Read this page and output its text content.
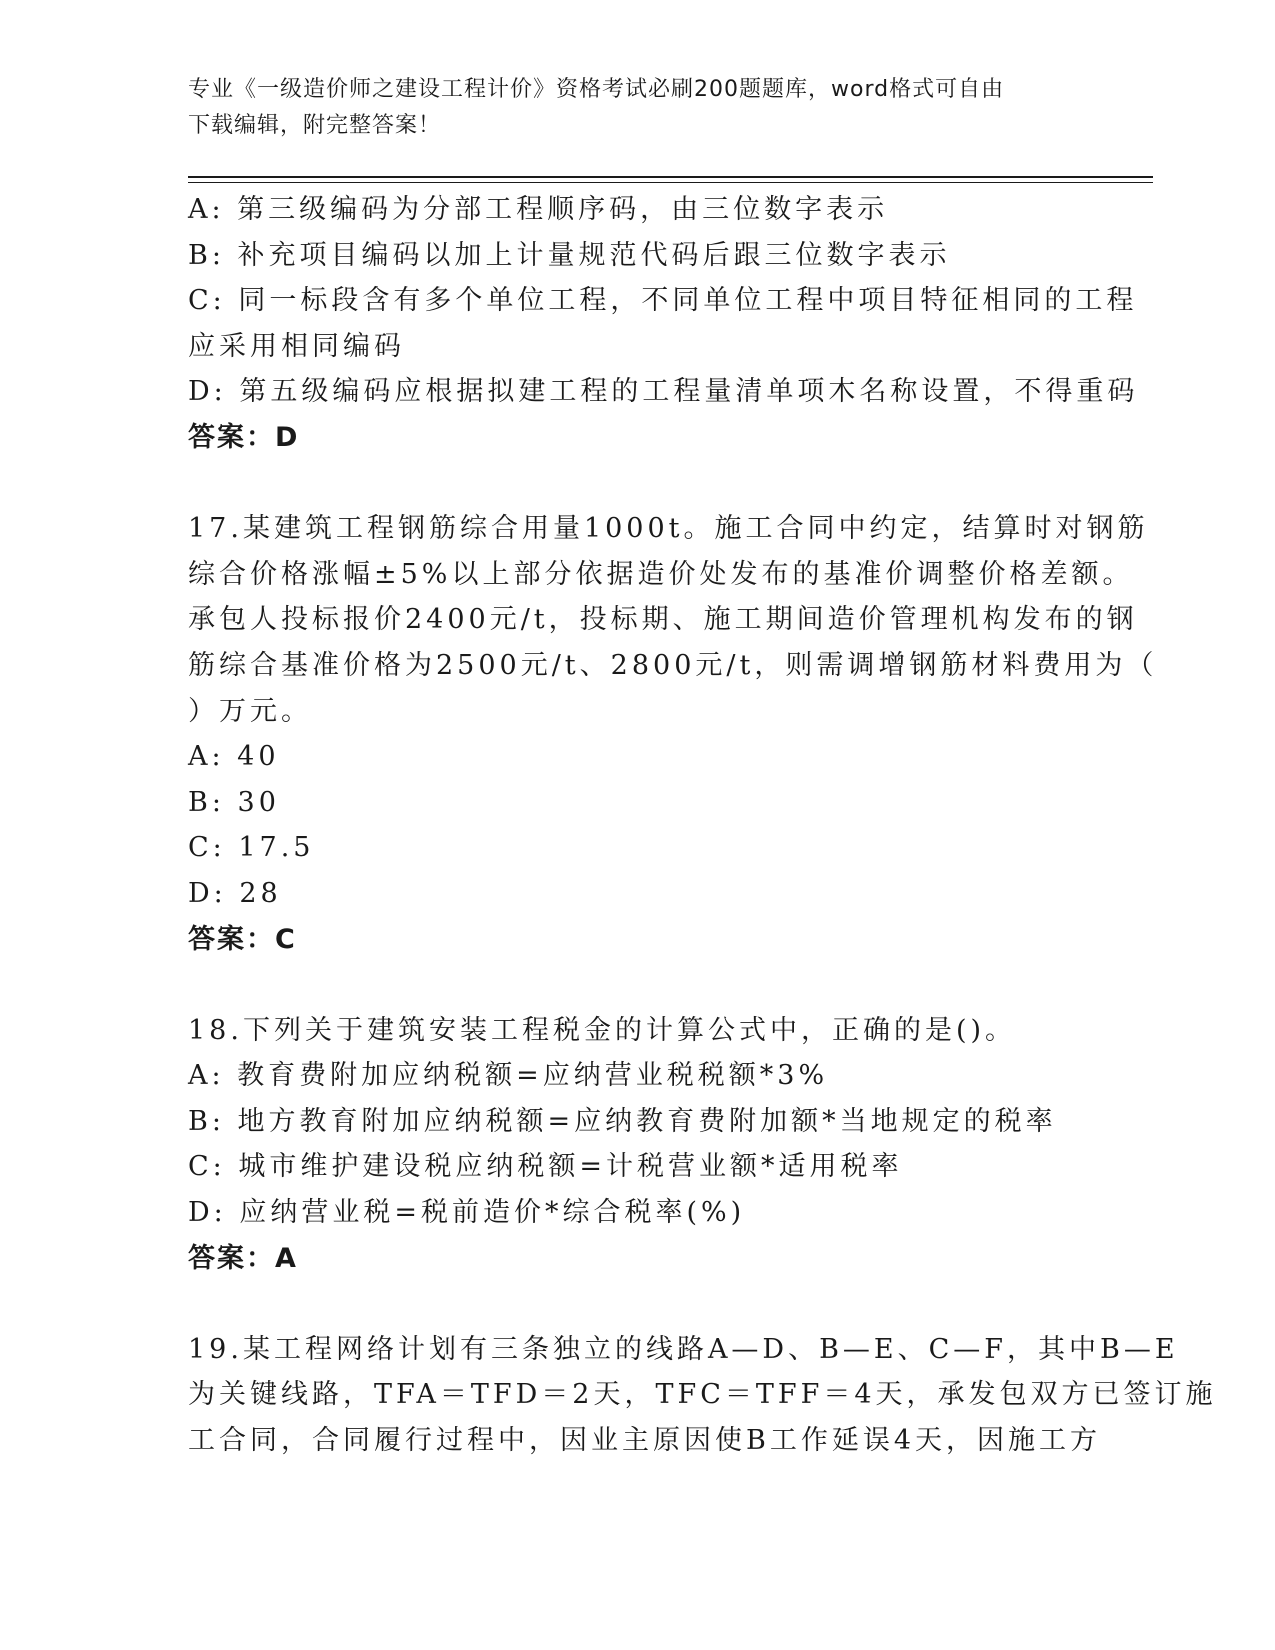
专业《一级造价师之建设工程计价》资格考试必刷200题题库，word格式可自由
下载编辑，附完整答案！
A: 第三级编码为分部工程顺序码，由三位数字表示
B: 补充项目编码以加上计量规范代码后跟三位数字表示
C: 同一标段含有多个单位工程，不同单位工程中项目特征相同的工程
应采用相同编码
D: 第五级编码应根据拟建工程的工程量清单项木名称设置，不得重码
答案：D
17.某建筑工程钢筋综合用量1000t。施工合同中约定，结算时对钢筋
综合价格涨幅±5%以上部分依据造价处发布的基准价调整价格差额。
承包人投标报价2400元/t，投标期、施工期间造价管理机构发布的钢
筋综合基准价格为2500元/t、2800元/t，则需调增钢筋材料费用为（
）万元。
A: 40
B: 30
C: 17.5
D: 28
答案：C
18.下列关于建筑安装工程税金的计算公式中，正确的是()。
A: 教育费附加应纳税额=应纳营业税税额*3%
B: 地方教育附加应纳税额=应纳教育费附加额*当地规定的税率
C: 城市维护建设税应纳税额=计税营业额*适用税率
D: 应纳营业税=税前造价*综合税率(%)
答案：A
19.某工程网络计划有三条独立的线路A—D、B—E、C—F，其中B—E
为关键线路，TFA＝TFD＝2天，TFC＝TFF＝4天，承发包双方已签订施
工合同，合同履行过程中，因业主原因使B工作延误4天，因施工方
